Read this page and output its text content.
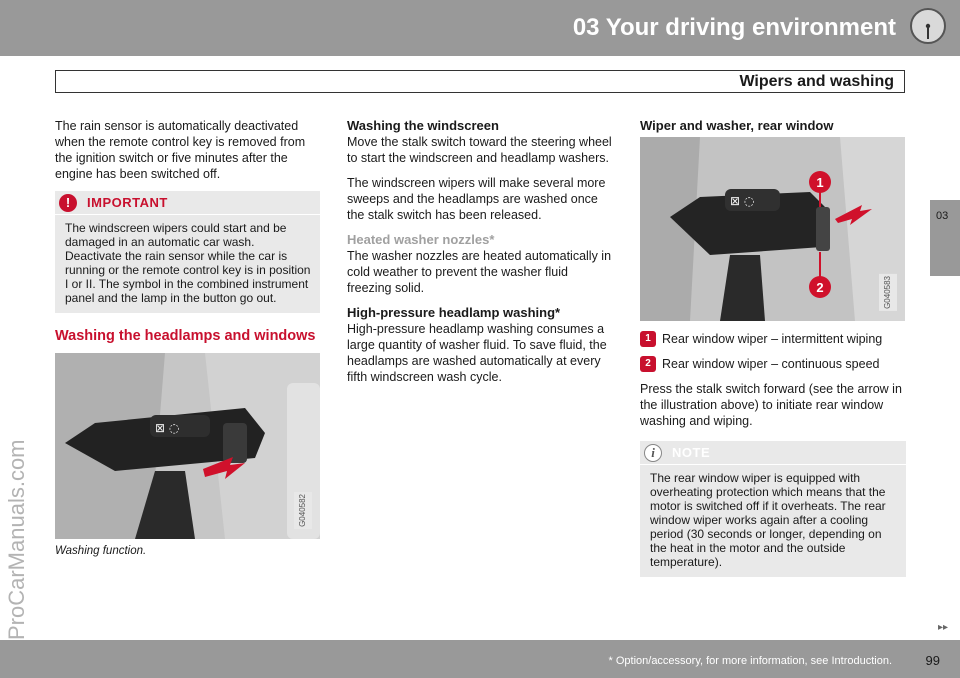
03 Your driving environment
Wipers and washing
03
ProCarManuals.com
The rain sensor is automatically deactivated when the remote control key is removed from the ignition switch or five minutes after the engine has been switched off.
!	IMPORTANT
The windscreen wipers could start and be damaged in an automatic car wash. Deactivate the rain sensor while the car is running or the remote control key is in position I or II. The symbol in the combined instrument panel and the lamp in the button go out.
Washing the headlamps and windows
⊠ ◌
G040582
Washing function.
Washing the windscreen
Move the stalk switch toward the steering wheel to start the windscreen and headlamp washers.
The windscreen wipers will make several more sweeps and the headlamps are washed once the stalk switch has been released.
Heated washer nozzles*
The washer nozzles are heated automatically in cold weather to prevent the washer fluid freezing solid.
High-pressure headlamp washing*
High-pressure headlamp washing consumes a large quantity of washer fluid. To save fluid, the headlamps are washed automatically at every fifth windscreen wash cycle.
Wiper and washer, rear window
⊠ ◌
1
2	G040583
1 Rear window wiper – intermittent wiping
2 Rear window wiper – continuous speed
Press the stalk switch forward (see the arrow in the illustration above) to initiate rear window washing and wiping.
i	NOTE
The rear window wiper is equipped with overheating protection which means that the motor is switched off if it overheats. The rear window wiper works again after a cooling period (30 seconds or longer, depending on the heat in the motor and the outside temperature).
▸▸
* Option/accessory, for more information, see Introduction.	99
